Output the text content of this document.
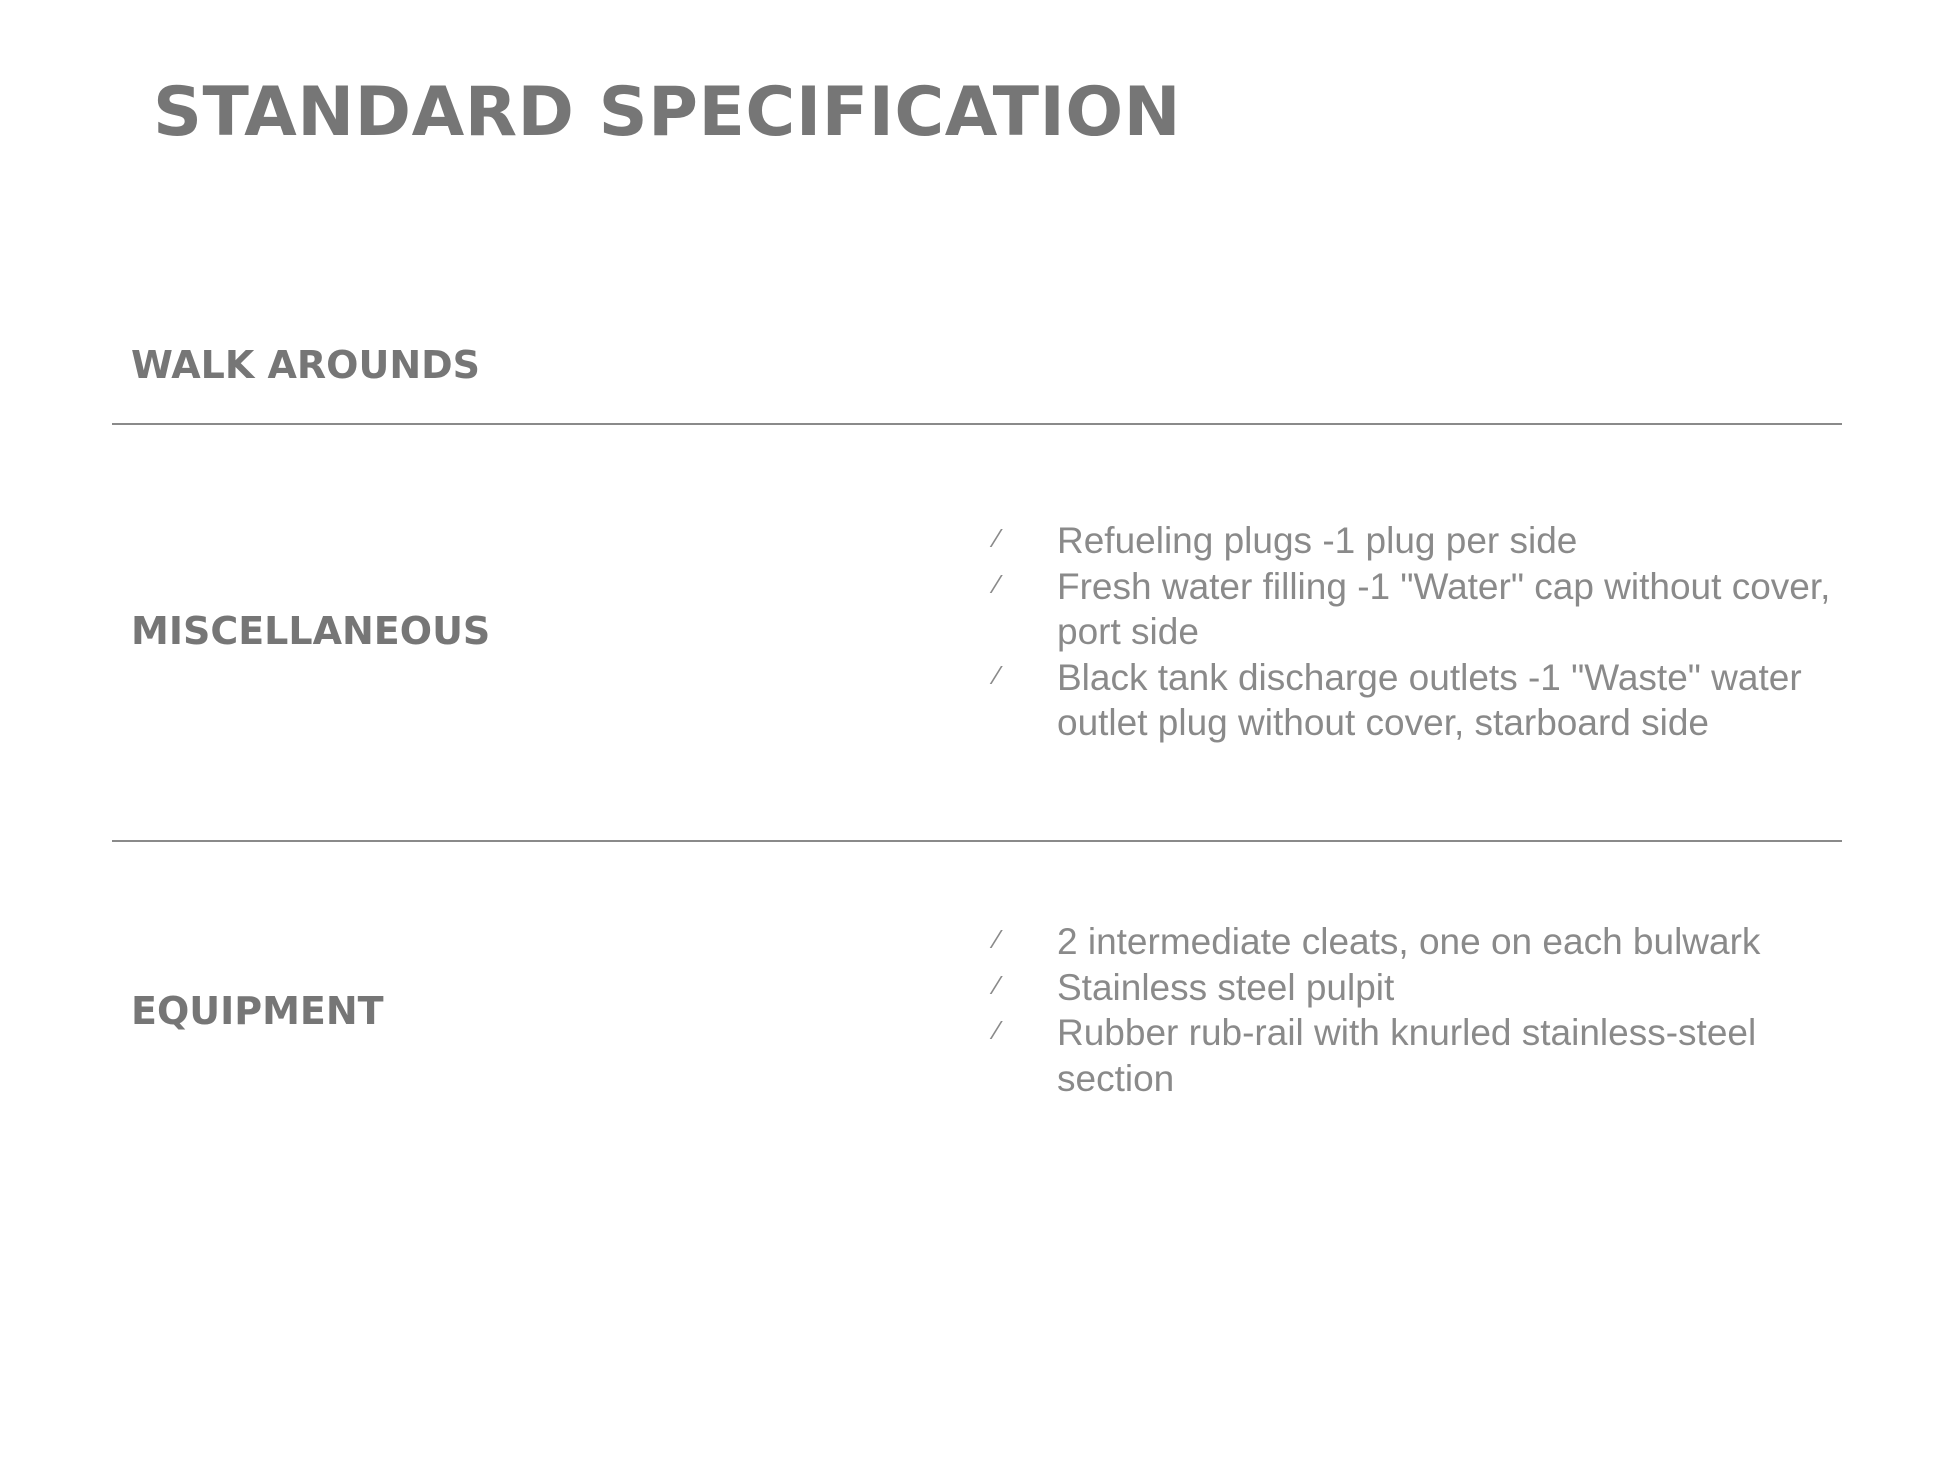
STANDARD SPECIFICATION
WALK AROUNDS
MISCELLANEOUS
⁄ Refueling plugs -1 plug per side
⁄ Fresh water filling -1 "Water" cap without cover, port side
⁄ Black tank discharge outlets -1 "Waste" water outlet plug without cover, starboard side
EQUIPMENT
⁄ 2 intermediate cleats, one on each bulwark
⁄ Stainless steel pulpit
⁄ Rubber rub-rail with knurled stainless-steel section
